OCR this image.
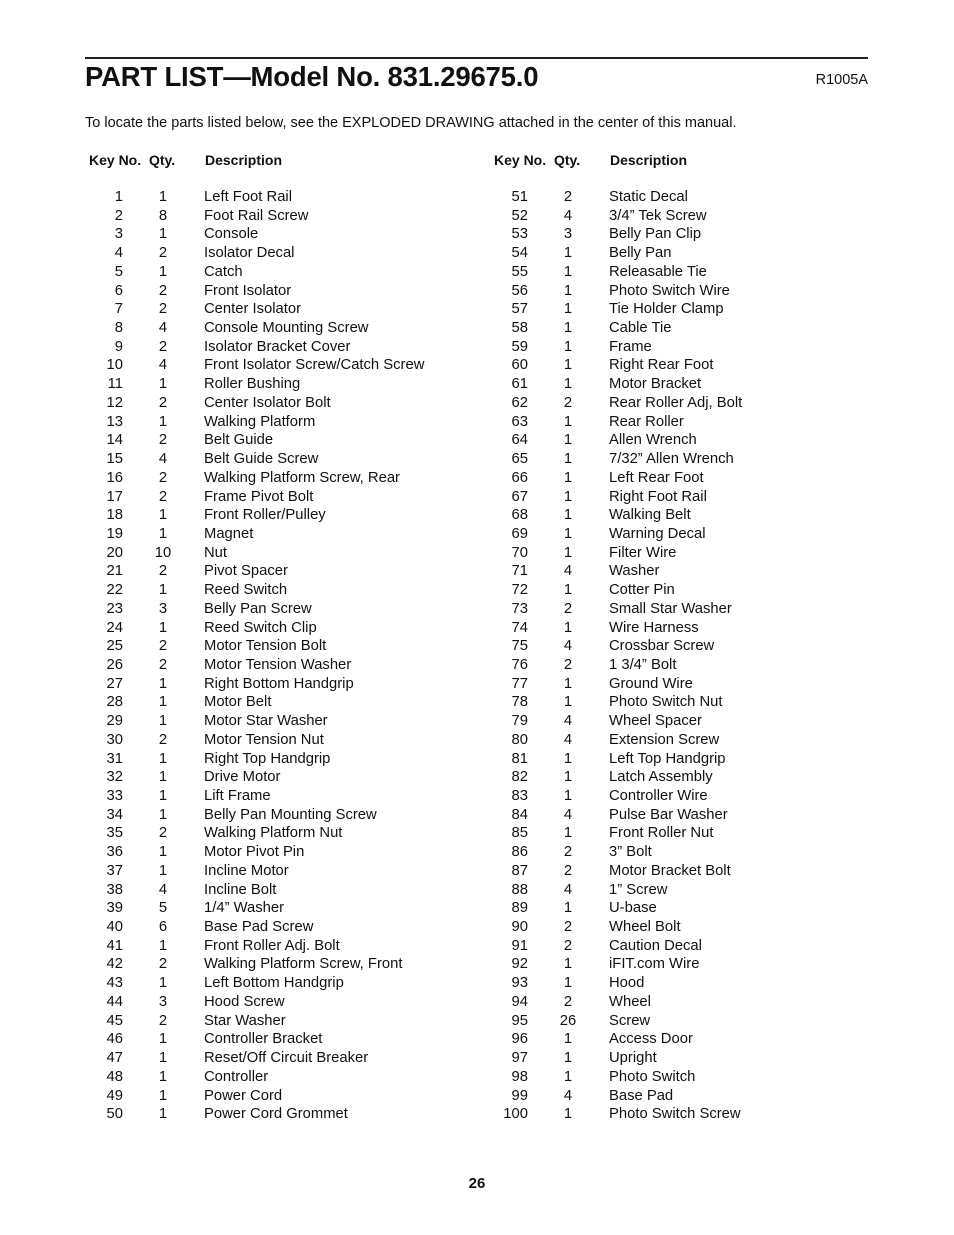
PART LIST—Model No. 831.29675.0	R1005A
To locate the parts listed below, see the EXPLODED DRAWING attached in the center of this manual.
Key No. Qty. Description
1	1	Left Foot Rail
2	8	Foot Rail Screw
3	1	Console
4	2	Isolator Decal
5	1	Catch
6	2	Front Isolator
7	2	Center Isolator
8	4	Console Mounting Screw
9	2	Isolator Bracket Cover
10	4	Front Isolator Screw/Catch Screw
11	1	Roller Bushing
12	2	Center Isolator Bolt
13	1	Walking Platform
14	2	Belt Guide
15	4	Belt Guide Screw
16	2	Walking Platform Screw, Rear
17	2	Frame Pivot Bolt
18	1	Front Roller/Pulley
19	1	Magnet
20	10	Nut
21	2	Pivot Spacer
22	1	Reed Switch
23	3	Belly Pan Screw
24	1	Reed Switch Clip
25	2	Motor Tension Bolt
26	2	Motor Tension Washer
27	1	Right Bottom Handgrip
28	1	Motor Belt
29	1	Motor Star Washer
30	2	Motor Tension Nut
31	1	Right Top Handgrip
32	1	Drive Motor
33	1	Lift Frame
34	1	Belly Pan Mounting Screw
35	2	Walking Platform Nut
36	1	Motor Pivot Pin
37	1	Incline Motor
38	4	Incline Bolt
39	5	1/4” Washer
40	6	Base Pad Screw
41	1	Front Roller Adj. Bolt
42	2	Walking Platform Screw, Front
43	1	Left Bottom Handgrip
44	3	Hood Screw
45	2	Star Washer
46	1	Controller Bracket
47	1	Reset/Off Circuit Breaker
48	1	Controller
49	1	Power Cord
50	1	Power Cord Grommet
Key No. Qty. Description
51	2	Static Decal
52	4	3/4” Tek Screw
53	3	Belly Pan Clip
54	1	Belly Pan
55	1	Releasable Tie
56	1	Photo Switch Wire
57	1	Tie Holder Clamp
58	1	Cable Tie
59	1	Frame
60	1	Right Rear Foot
61	1	Motor Bracket
62	2	Rear Roller Adj, Bolt
63	1	Rear Roller
64	1	Allen Wrench
65	1	7/32” Allen Wrench
66	1	Left Rear Foot
67	1	Right Foot Rail
68	1	Walking Belt
69	1	Warning Decal
70	1	Filter Wire
71	4	Washer
72	1	Cotter Pin
73	2	Small Star Washer
74	1	Wire Harness
75	4	Crossbar Screw
76	2	1 3/4” Bolt
77	1	Ground Wire
78	1	Photo Switch Nut
79	4	Wheel Spacer
80	4	Extension Screw
81	1	Left Top Handgrip
82	1	Latch Assembly
83	1	Controller Wire
84	4	Pulse Bar Washer
85	1	Front Roller Nut
86	2	3” Bolt
87	2	Motor Bracket Bolt
88	4	1” Screw
89	1	U-base
90	2	Wheel Bolt
91	2	Caution Decal
92	1	iFIT.com Wire
93	1	Hood
94	2	Wheel
95	26	Screw
96	1	Access Door
97	1	Upright
98	1	Photo Switch
99	4	Base Pad
100	1	Photo Switch Screw
26
